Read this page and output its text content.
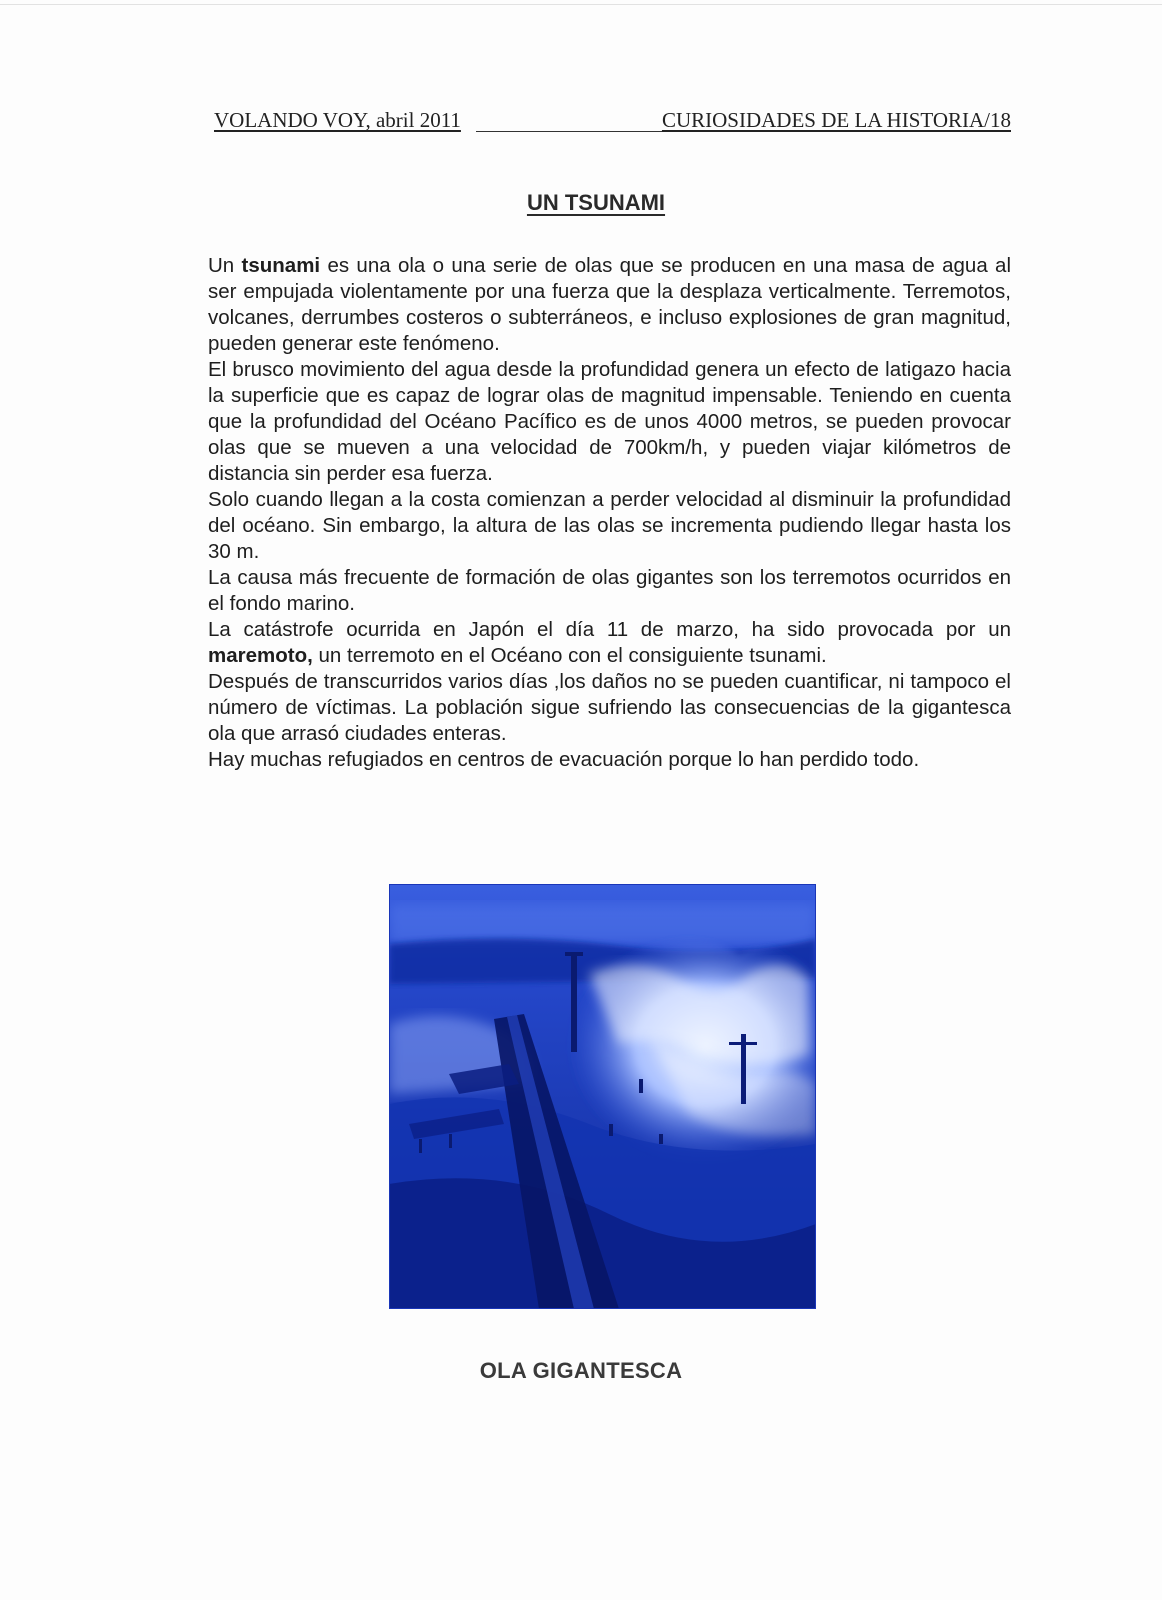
VOLANDO VOY, abril 2011	CURIOSIDADES DE LA HISTORIA/18
UN TSUNAMI

Un tsunami es una ola o una serie de olas que se producen en una masa de agua al ser empujada violentamente por una fuerza que la desplaza verticalmente. Terremotos, volcanes, derrumbes costeros o subterráneos, e incluso explosiones de gran magnitud, pueden generar este fenómeno.

El brusco movimiento del agua desde la profundidad genera un efecto de latigazo hacia la superficie que es capaz de lograr olas de magnitud impensable. Teniendo en cuenta que la profundidad del Océano Pacífico es de unos 4000 metros, se pueden provocar olas que se mueven a una velocidad de 700km/h, y pueden viajar kilómetros de distancia sin perder esa fuerza.

Solo cuando llegan a la costa comienzan a perder velocidad al disminuir la profundidad del océano. Sin embargo, la altura de las olas se incrementa pudiendo llegar hasta los 30 m.

La causa más frecuente de formación de olas gigantes son los terremotos ocurridos en el fondo marino.

La catástrofe ocurrida en Japón el día 11 de marzo, ha sido provocada por un maremoto, un terremoto en el Océano con el consiguiente tsunami.

Después de transcurridos varios días ,los daños no se pueden cuantificar, ni tampoco el número de víctimas. La población sigue sufriendo las consecuencias de la gigantesca ola que arrasó ciudades enteras.

Hay muchas refugiados en centros de evacuación porque lo han perdido todo.

OLA GIGANTESCA
